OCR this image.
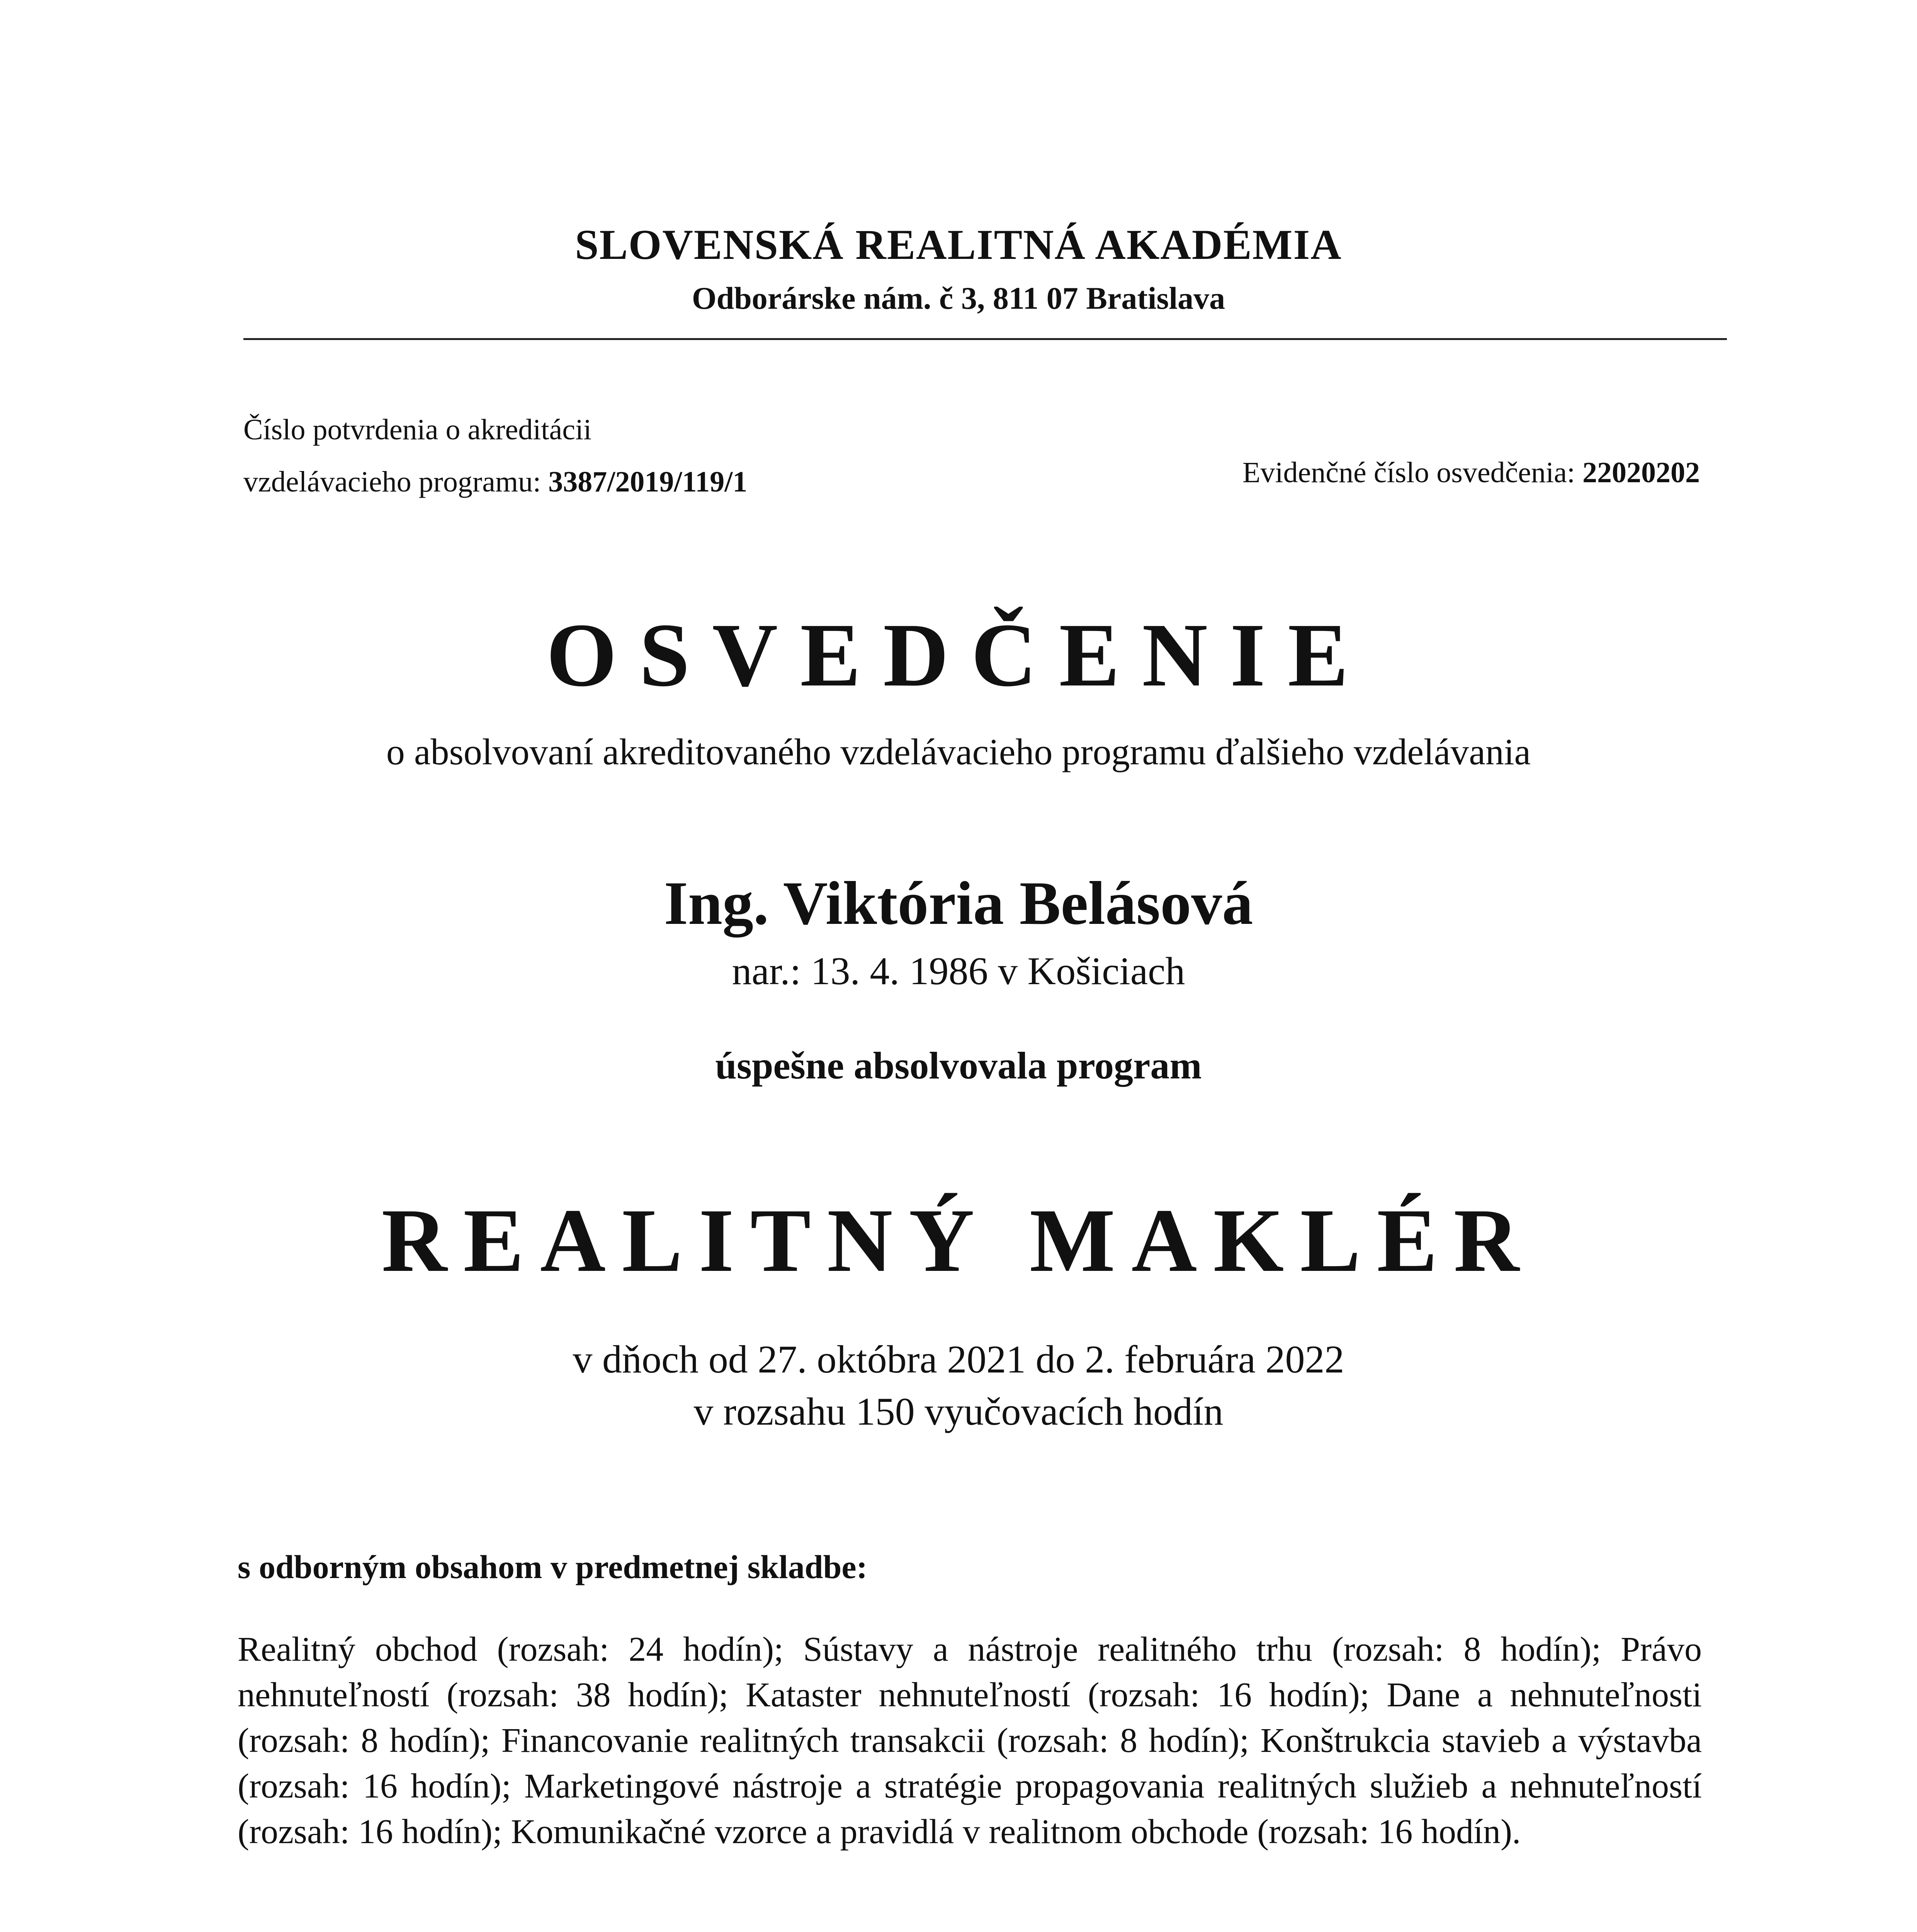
SLOVENSKÁ REALITNÁ AKADÉMIA
Odborárske nám. č 3, 811 07 Bratislava
Číslo potvrdenia o akreditácii
vzdelávacieho programu: 3387/2019/119/1	Evidenčné číslo osvedčenia: 22020202
OSVEDČENIE
o absolvovaní akreditovaného vzdelávacieho programu ďalšieho vzdelávania
Ing. Viktória Belásová
nar.: 13. 4. 1986 v Košiciach
úspešne absolvovala program
REALITNÝ MAKLÉR
v dňoch od 27. októbra 2021 do 2. februára 2022
v rozsahu 150 vyučovacích hodín
s odborným obsahom v predmetnej skladbe:
Realitný obchod (rozsah: 24 hodín); Sústavy a nástroje realitného trhu (rozsah: 8 hodín); Právo nehnuteľností (rozsah: 38 hodín); Kataster nehnuteľností (rozsah: 16 hodín); Dane a nehnuteľnosti (rozsah: 8 hodín); Financovanie realitných transakcii (rozsah: 8 hodín); Konštrukcia stavieb a výstavba (rozsah: 16 hodín); Marketingové nástroje a stratégie propagovania realitných služieb a nehnuteľností (rozsah: 16 hodín); Komunikačné vzorce a pravidlá v realitnom obchode (rozsah: 16 hodín).
